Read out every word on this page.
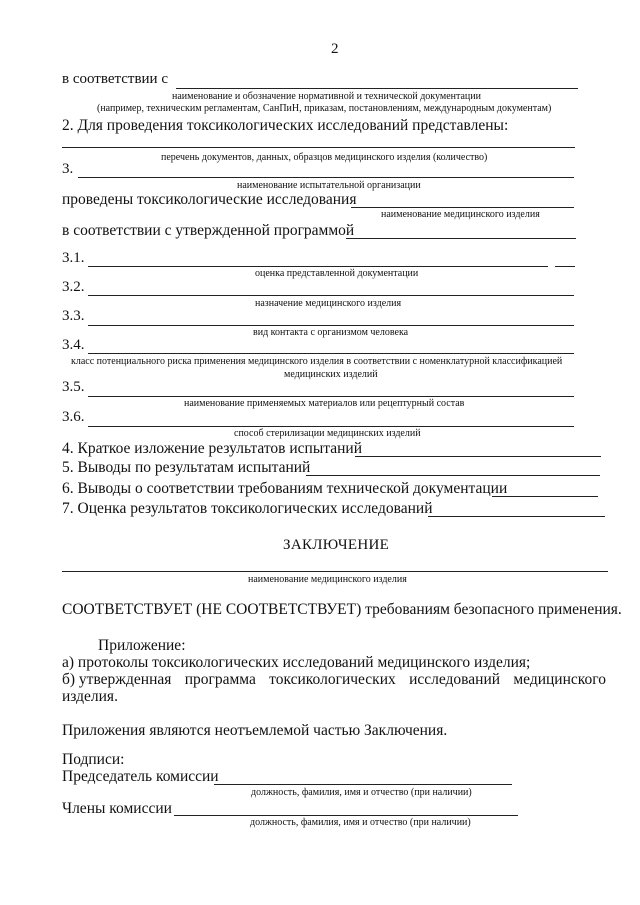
2
в соответствии с
наименование и обозначение нормативной и технической документации
(например, техническим регламентам, СанПиН, приказам, постановлениям, международным документам)
2. Для проведения токсикологических исследований представлены:
перечень документов, данных, образцов медицинского изделия (количество)
3.
наименование испытательной организации
проведены токсикологические исследования
наименование медицинского изделия
в соответствии с утвержденной программой
3.1.
оценка представленной документации
3.2.
назначение медицинского изделия
3.3.
вид контакта с организмом человека
3.4.
класс потенциального риска применения медицинского изделия в соответствии с номенклатурной классификацией
медицинских изделий
3.5.
наименование применяемых материалов или рецептурный состав
3.6.
способ стерилизации медицинских изделий
4. Краткое изложение результатов испытаний
5. Выводы по результатам испытаний
6. Выводы о соответствии требованиям технической документации
7. Оценка результатов токсикологических исследований
ЗАКЛЮЧЕНИЕ
наименование медицинского изделия
СООТВЕТСТВУЕТ (НЕ СООТВЕТСТВУЕТ) требованиям безопасного применения.
Приложение:
а) протоколы токсикологических исследований медицинского изделия;
б) утвержденная программа токсикологических исследований медицинского
изделия.
Приложения являются неотъемлемой частью Заключения.
Подписи:
Председатель комиссии
должность, фамилия, имя и отчество (при наличии)
Члены комиссии
должность, фамилия, имя и отчество (при наличии)
